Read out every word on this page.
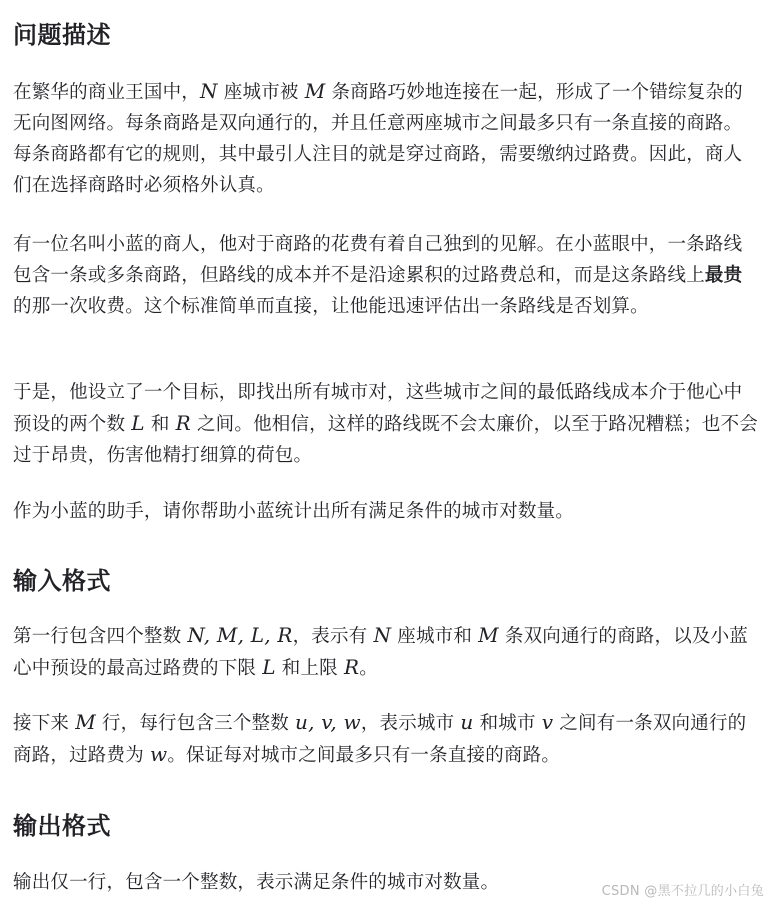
问题描述

在繁华的商业王国中，N 座城市被 M 条商路巧妙地连接在一起，形成了一个错综复杂的无向图网络。每条商路是双向通行的，并且任意两座城市之间最多只有一条直接的商路。每条商路都有它的规则，其中最引人注目的就是穿过商路，需要缴纳过路费。因此，商人们在选择商路时必须格外认真。

有一位名叫小蓝的商人，他对于商路的花费有着自己独到的见解。在小蓝眼中，一条路线包含一条或多条商路，但路线的成本并不是沿途累积的过路费总和，而是这条路线上最贵的那一次收费。这个标准简单而直接，让他能迅速评估出一条路线是否划算。

于是，他设立了一个目标，即找出所有城市对，这些城市之间的最低路线成本介于他心中预设的两个数 L 和 R 之间。他相信，这样的路线既不会太廉价，以至于路况糟糕；也不会过于昂贵，伤害他精打细算的荷包。

作为小蓝的助手，请你帮助小蓝统计出所有满足条件的城市对数量。

输入格式

第一行包含四个整数 N, M, L, R，表示有 N 座城市和 M 条双向通行的商路，以及小蓝心中预设的最高过路费的下限 L 和上限 R。

接下来 M 行，每行包含三个整数 u, v, w，表示城市 u 和城市 v 之间有一条双向通行的商路，过路费为 w。保证每对城市之间最多只有一条直接的商路。

输出格式

输出仅一行，包含一个整数，表示满足条件的城市对数量。	CSDN @黑不拉几的小白兔
